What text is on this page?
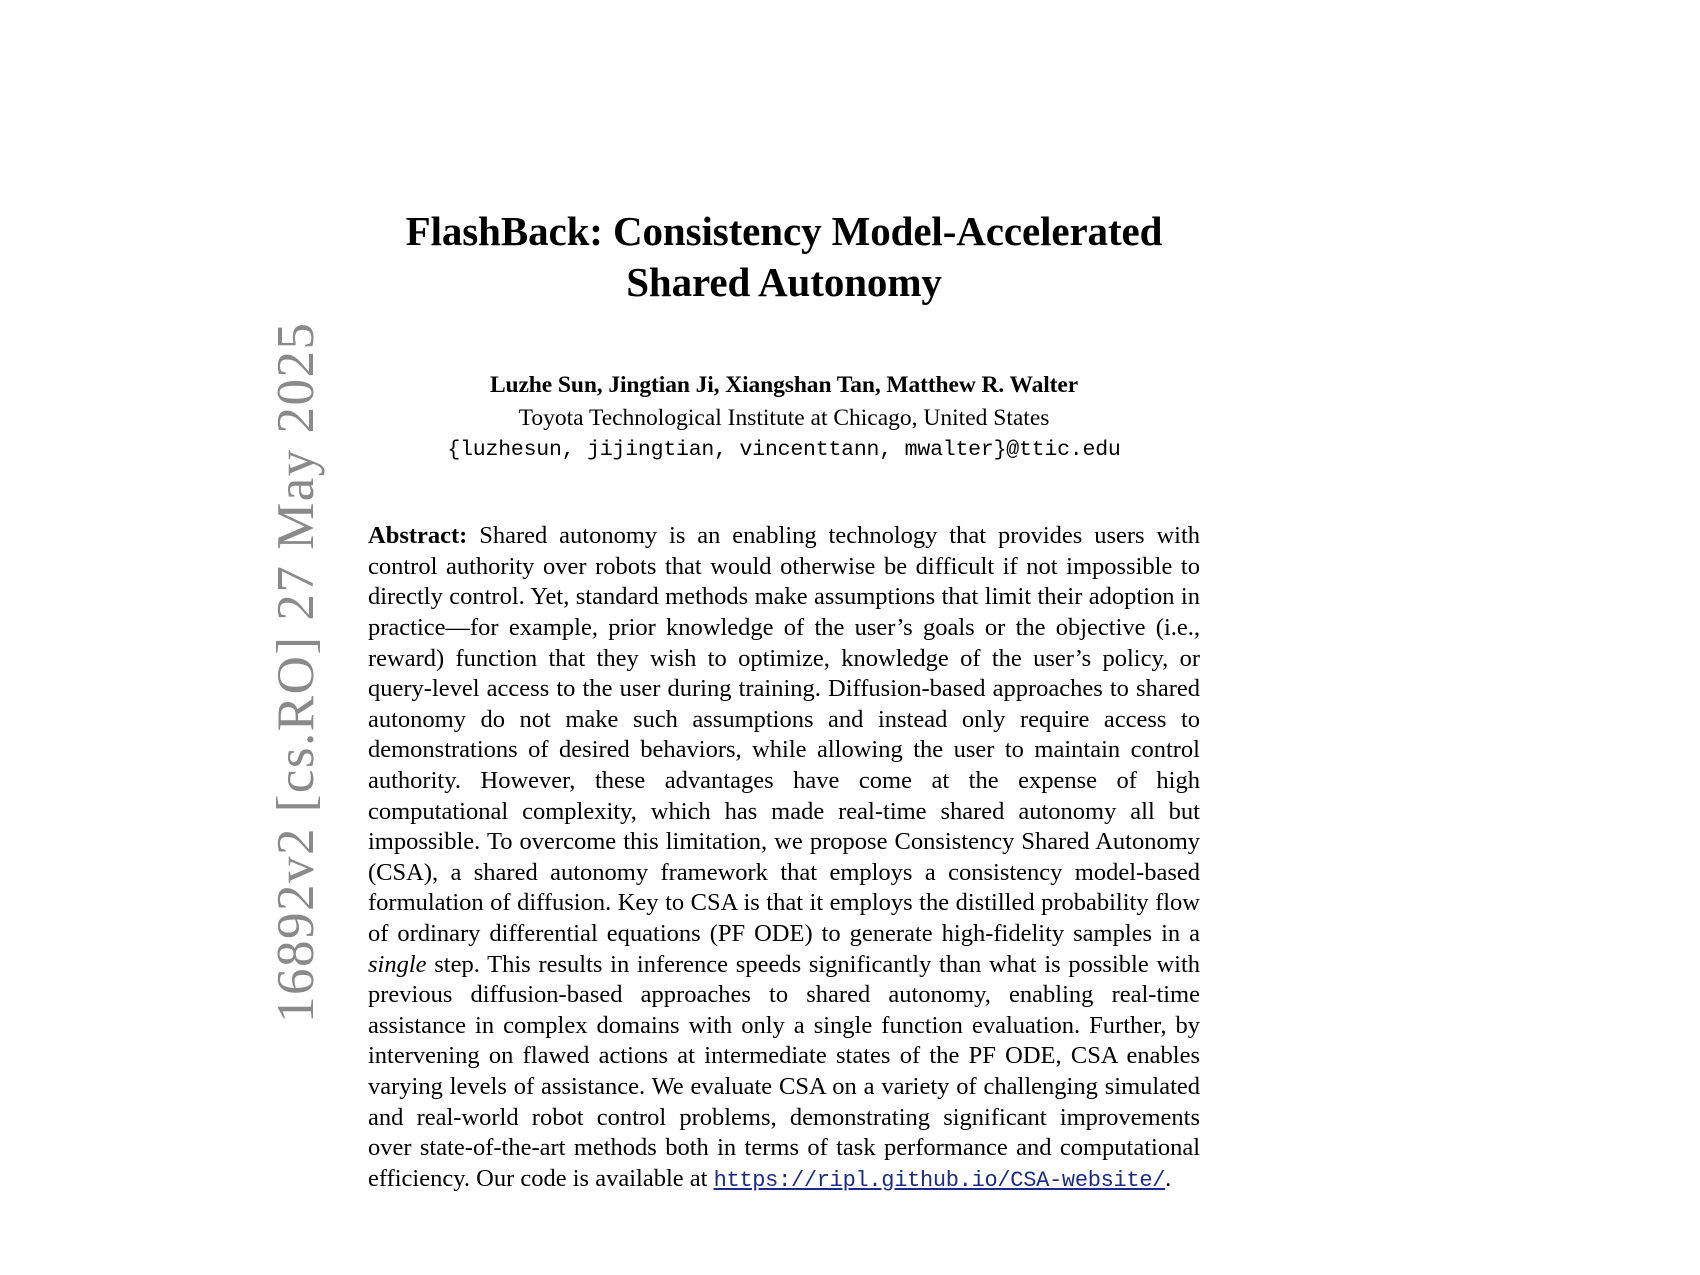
16892v2 [cs.RO] 27 May 2025
FlashBack: Consistency Model-Accelerated
Shared Autonomy
Luzhe Sun, Jingtian Ji, Xiangshan Tan, Matthew R. Walter
Toyota Technological Institute at Chicago, United States
{luzhesun, jijingtian, vincenttann, mwalter}@ttic.edu
Abstract: Shared autonomy is an enabling technology that provides users with control authority over robots that would otherwise be difficult if not impossible to directly control. Yet, standard methods make assumptions that limit their adoption in practice—for example, prior knowledge of the user’s goals or the objective (i.e., reward) function that they wish to optimize, knowledge of the user’s policy, or query-level access to the user during training. Diffusion-based approaches to shared autonomy do not make such assumptions and instead only require access to demonstrations of desired behaviors, while allowing the user to maintain control authority. However, these advantages have come at the expense of high computational complexity, which has made real-time shared autonomy all but impossible. To overcome this limitation, we propose Consistency Shared Autonomy (CSA), a shared autonomy framework that employs a consistency model-based formulation of diffusion. Key to CSA is that it employs the distilled probability flow of ordinary differential equations (PF ODE) to generate high-fidelity samples in a single step. This results in inference speeds significantly than what is possible with previous diffusion-based approaches to shared autonomy, enabling real-time assistance in complex domains with only a single function evaluation. Further, by intervening on flawed actions at intermediate states of the PF ODE, CSA enables varying levels of assistance. We evaluate CSA on a variety of challenging simulated and real-world robot control problems, demonstrating significant improvements over state-of-the-art methods both in terms of task performance and computational efficiency. Our code is available at https://ripl.github.io/CSA-website/.
